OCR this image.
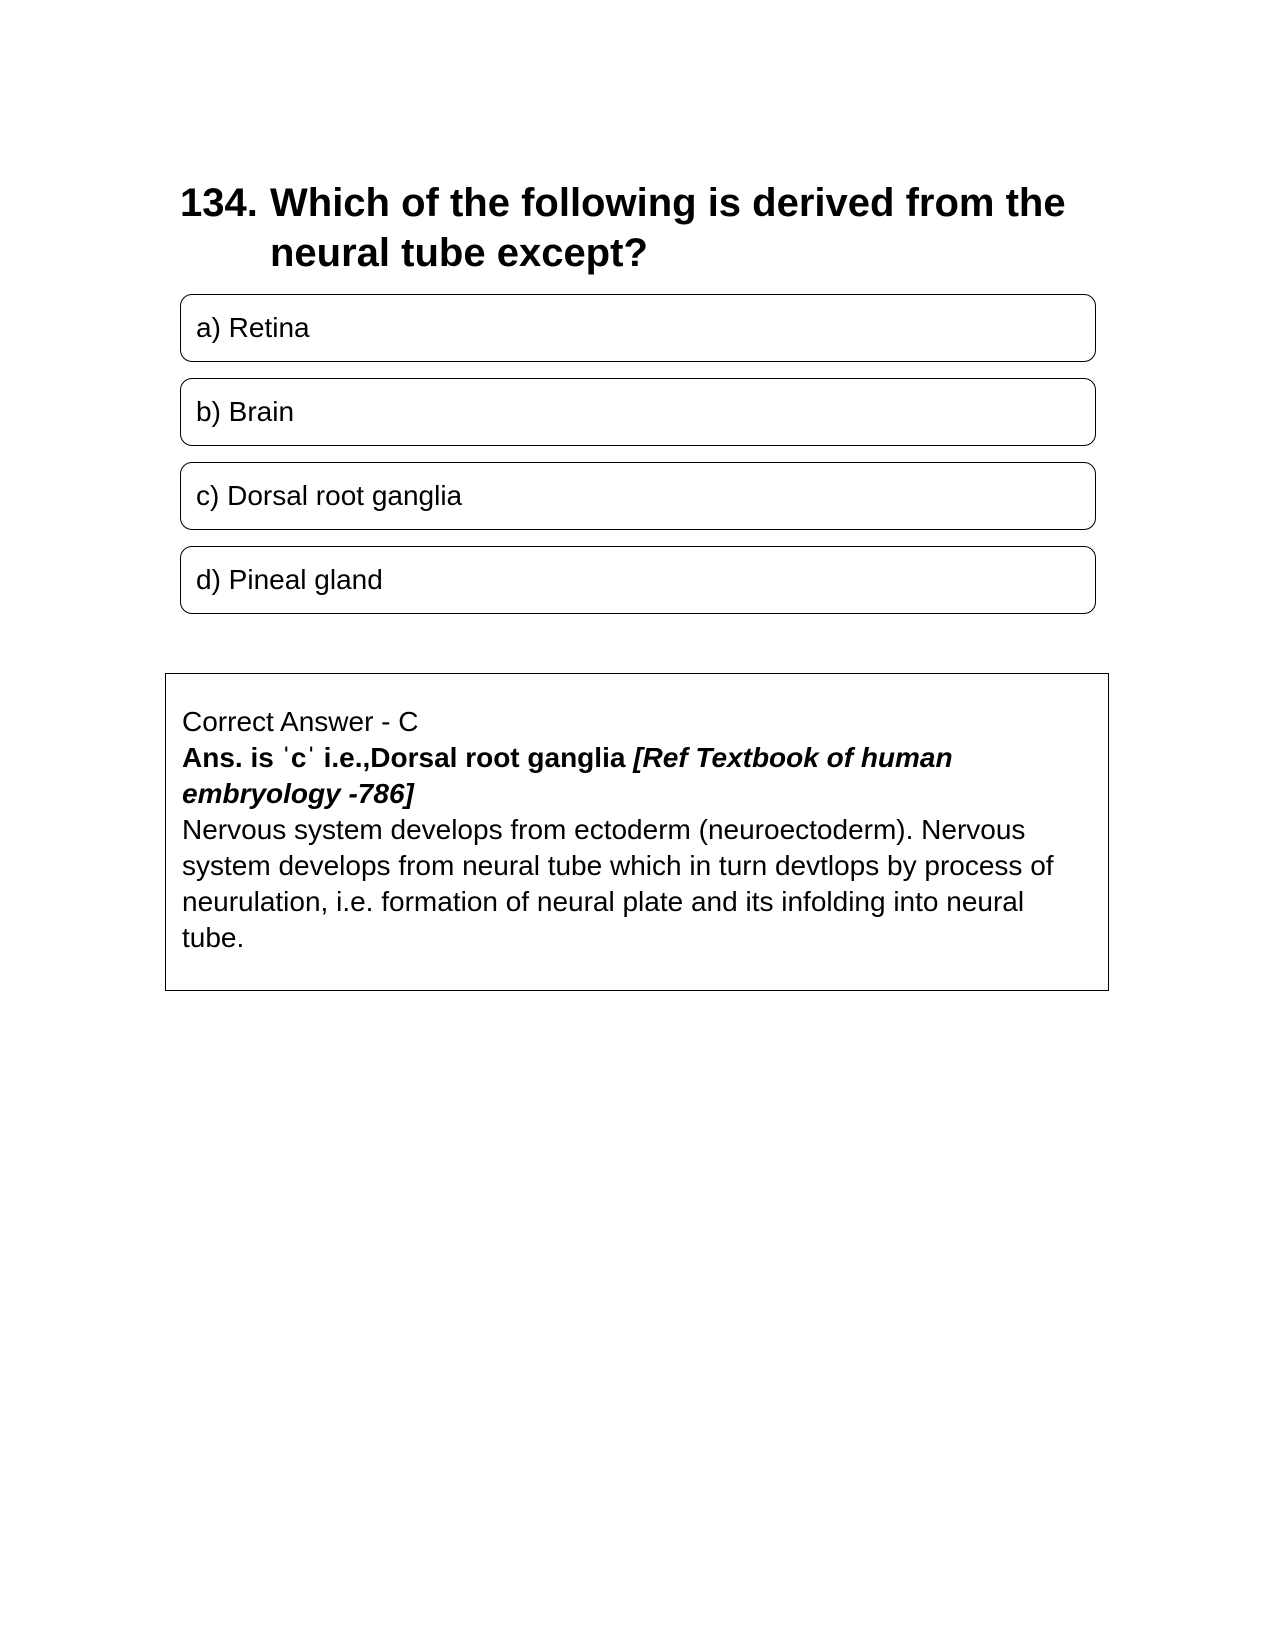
134. Which of the following is derived from the neural tube except?
a) Retina
b) Brain
c) Dorsal root ganglia
d) Pineal gland
Correct Answer - C
Ans. is ˈcˈ i.e.,Dorsal root ganglia [Ref Textbook of human embryology -786]
Nervous system develops from ectoderm (neuroectoderm). Nervous system develops from neural tube which in turn devtlops by process of neurulation, i.e. formation of neural plate and its infolding into neural tube.
